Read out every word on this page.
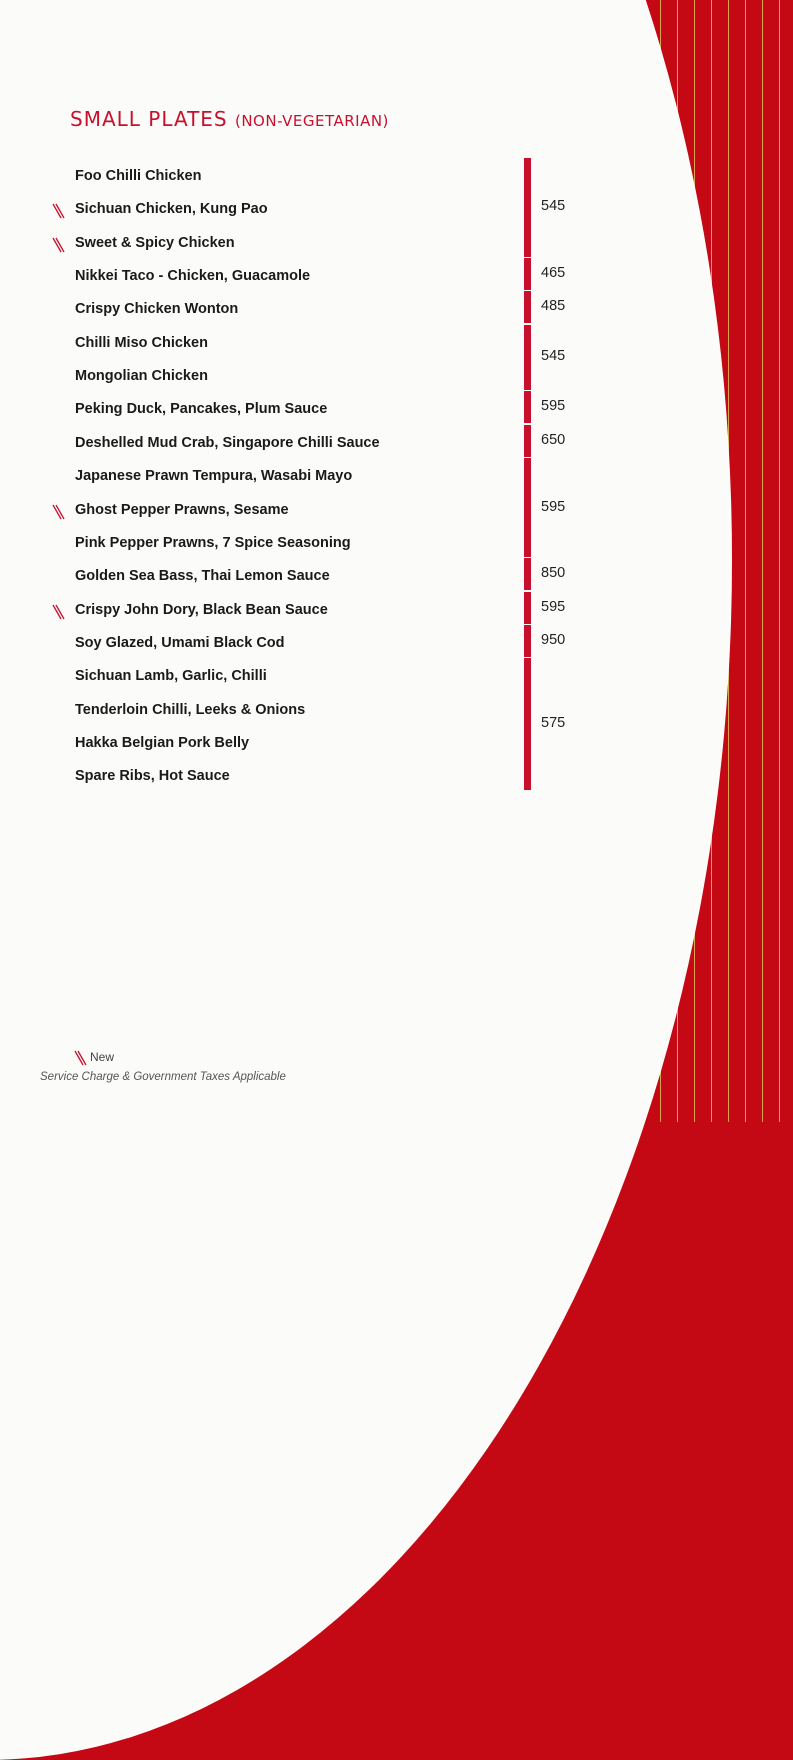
SMALL PLATES (NON-VEGETARIAN)
Foo Chilli Chicken
Sichuan Chicken, Kung Pao
Sweet & Spicy Chicken
Nikkei Taco - Chicken, Guacamole
Crispy Chicken Wonton
Chilli Miso Chicken
Mongolian Chicken
Peking Duck, Pancakes, Plum Sauce
Deshelled Mud Crab, Singapore Chilli Sauce
Japanese Prawn Tempura, Wasabi Mayo
Ghost Pepper Prawns, Sesame
Pink Pepper Prawns, 7 Spice Seasoning
Golden Sea Bass, Thai Lemon Sauce
Crispy John Dory, Black Bean Sauce
Soy Glazed, Umami Black Cod
Sichuan Lamb, Garlic, Chilli
Tenderloin Chilli, Leeks & Onions
Hakka Belgian Pork Belly
Spare Ribs, Hot Sauce
545
465
485
545
595
650
595
850
595
950
575
New
Service Charge & Government Taxes Applicable
